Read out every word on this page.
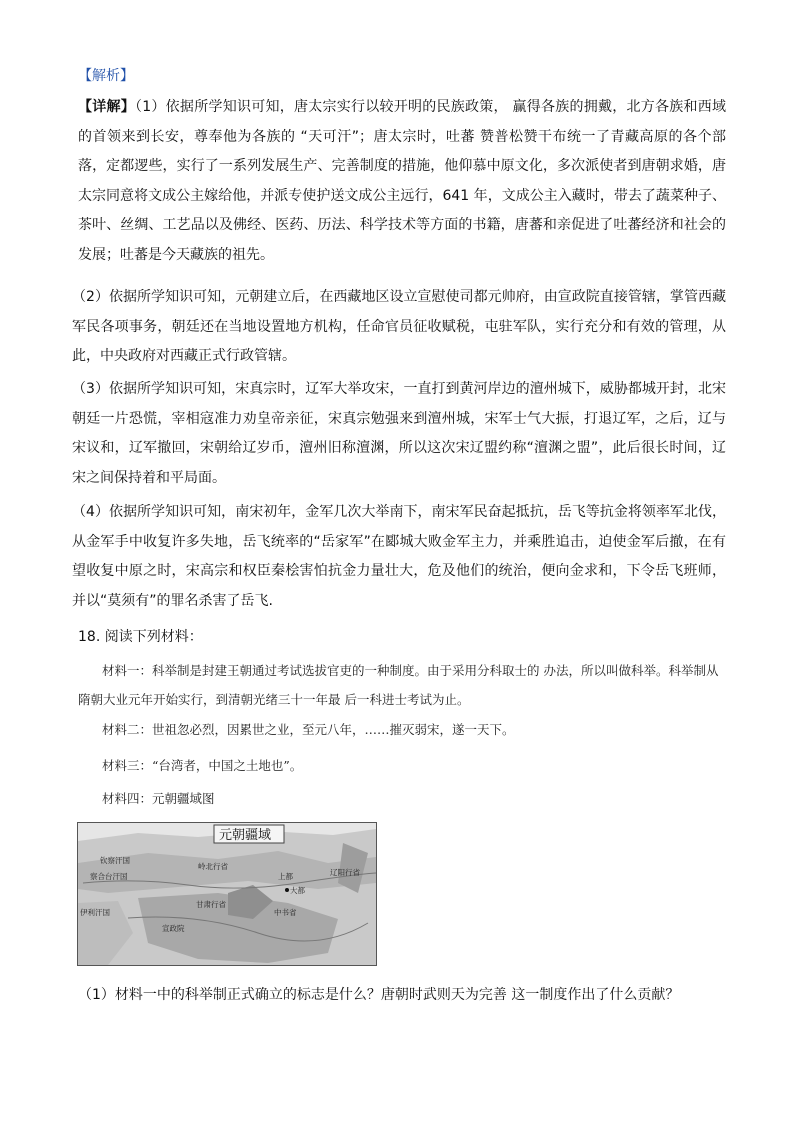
【解析】

【详解】（1）依据所学知识可知，唐太宗实行以较开明的民族政策， 赢得各族的拥戴，北方各族和西域的首领来到长安，尊奉他为各族的 “天可汗”；唐太宗时，吐蕃 赞普松赞干布统一了青藏高原的各个部落，定都逻些，实行了一系列发展生产、完善制度的措施，他仰慕中原文化，多次派使者到唐朝求婚，唐太宗同意将文成公主嫁给他，并派专使护送文成公主远行，641 年，文成公主入藏时，带去了蔬菜种子、茶叶、丝绸、工艺品以及佛经、医药、历法、科学技术等方面的书籍，唐蕃和亲促进了吐蕃经济和社会的发展；吐蕃是今天藏族的祖先。

（2）依据所学知识可知，元朝建立后，在西藏地区设立宣慰使司都元帅府，由宣政院直接管辖，掌管西藏军民各项事务，朝廷还在当地设置地方机构，任命官员征收赋税，屯驻军队，实行充分和有效的管理，从此，中央政府对西藏正式行政管辖。

（3）依据所学知识可知，宋真宗时，辽军大举攻宋，一直打到黄河岸边的澶州城下，威胁都城开封，北宋朝廷一片恐慌，宰相寇准力劝皇帝亲征，宋真宗勉强来到澶州城，宋军士气大振，打退辽军，之后，辽与宋议和，辽军撤回，宋朝给辽岁币，澶州旧称澶渊，所以这次宋辽盟约称“澶渊之盟”，此后很长时间，辽宋之间保持着和平局面。

（4）依据所学知识可知，南宋初年，金军几次大举南下，南宋军民奋起抵抗，岳飞等抗金将领率军北伐，从金军手中收复许多失地，岳飞统率的“岳家军”在郾城大败金军主力，并乘胜追击，迫使金军后撤，在有望收复中原之时，宋高宗和权臣秦桧害怕抗金力量壮大，危及他们的统治，便向金求和，下令岳飞班师，并以“莫须有”的罪名杀害了岳飞.

18. 阅读下列材料：

材料一：科举制是封建王朝通过考试选拔官吏的一种制度。由于采用分科取士的 办法，所以叫做科举。科举制从隋朝大业元年开始实行，到清朝光绪三十一年最 后一科进士考试为止。

材料二：世祖忽必烈，因累世之业，至元八年，……摧灭弱宋，遂一天下。

材料三：“台湾者，中国之土地也”。

材料四：元朝疆域图

元朝疆域
钦察汗国
察合台汗国
伊利汗国
岭北行省
辽阳行省
甘肃行省
宣政院
大都
上都
中书省
（1）材料一中的科举制正式确立的标志是什么？唐朝时武则天为完善 这一制度作出了什么贡献？
